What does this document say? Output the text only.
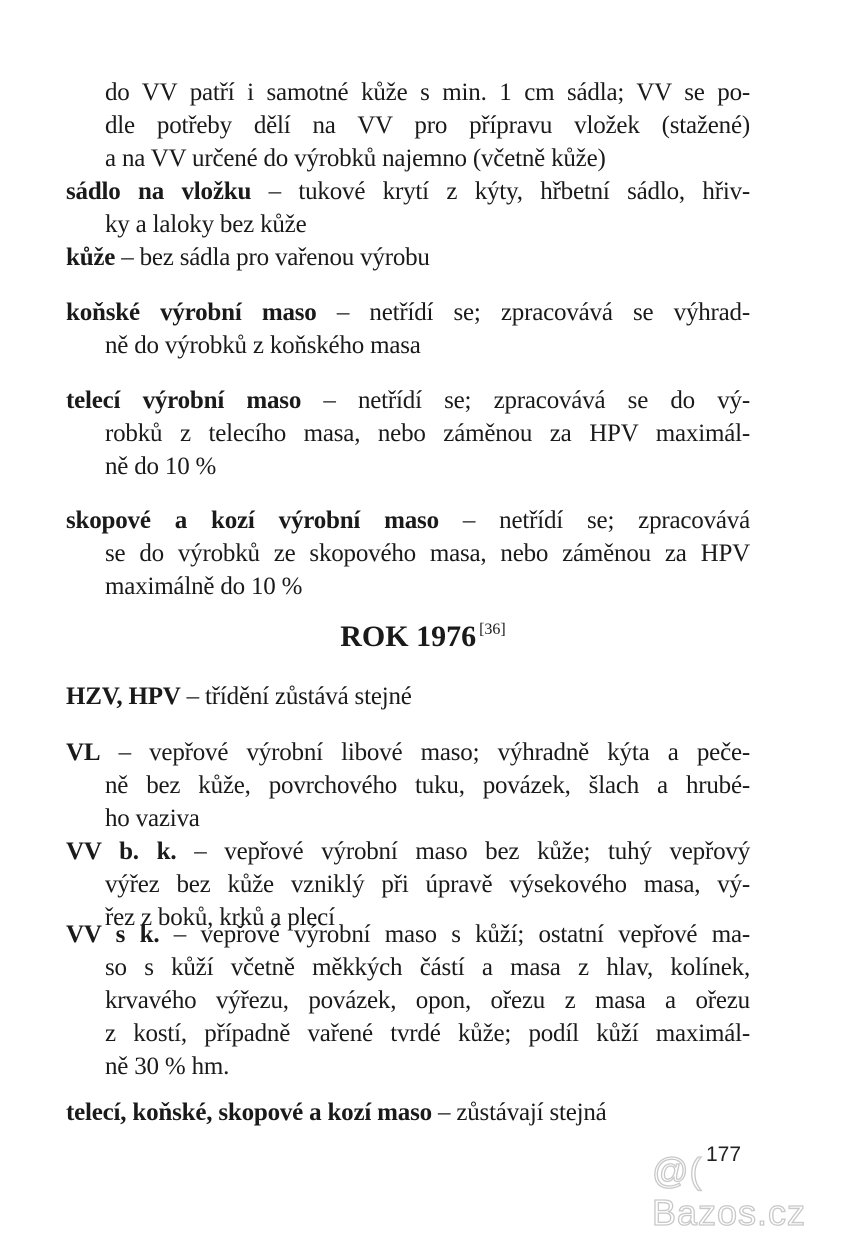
do VV patří i samotné kůže s min. 1 cm sádla; VV se po-
dle potřeby dělí na VV pro přípravu vložek (stažené)
a na VV určené do výrobků najemno (včetně kůže)
sádlo na vložku – tukové krytí z kýty, hřbetní sádlo, hřiv-
ky a laloky bez kůže
kůže – bez sádla pro vařenou výrobu
koňské výrobní maso – netřídí se; zpracovává se výhrad-
ně do výrobků z koňského masa
telecí výrobní maso – netřídí se; zpracovává se do vý-
robků z telecího masa, nebo záměnou za HPV maximál-
ně do 10 %
skopové a kozí výrobní maso – netřídí se; zpracovává
se do výrobků ze skopového masa, nebo záměnou za HPV
maximálně do 10 %
ROK 1976 [36]
HZV, HPV – třídění zůstává stejné
VL – vepřové výrobní libové maso; výhradně kýta a peče-
ně bez kůže, povrchového tuku, povázek, šlach a hrubé-
ho vaziva
VV b. k. – vepřové výrobní maso bez kůže; tuhý vepřový
výřez bez kůže vzniklý při úpravě výsekového masa, vý-
řez z boků, krků a plecí
VV s k. – vepřové výrobní maso s kůží; ostatní vepřové ma-
so s kůží včetně měkkých částí a masa z hlav, kolínek,
krvavého výřezu, povázek, opon, ořezu z masa a ořezu
z kostí, případně vařené tvrdé kůže; podíl kůží maximál-
ně 30 % hm.
telecí, koňské, skopové a kozí maso – zůstávají stejná
177
@( Bazos.cz
